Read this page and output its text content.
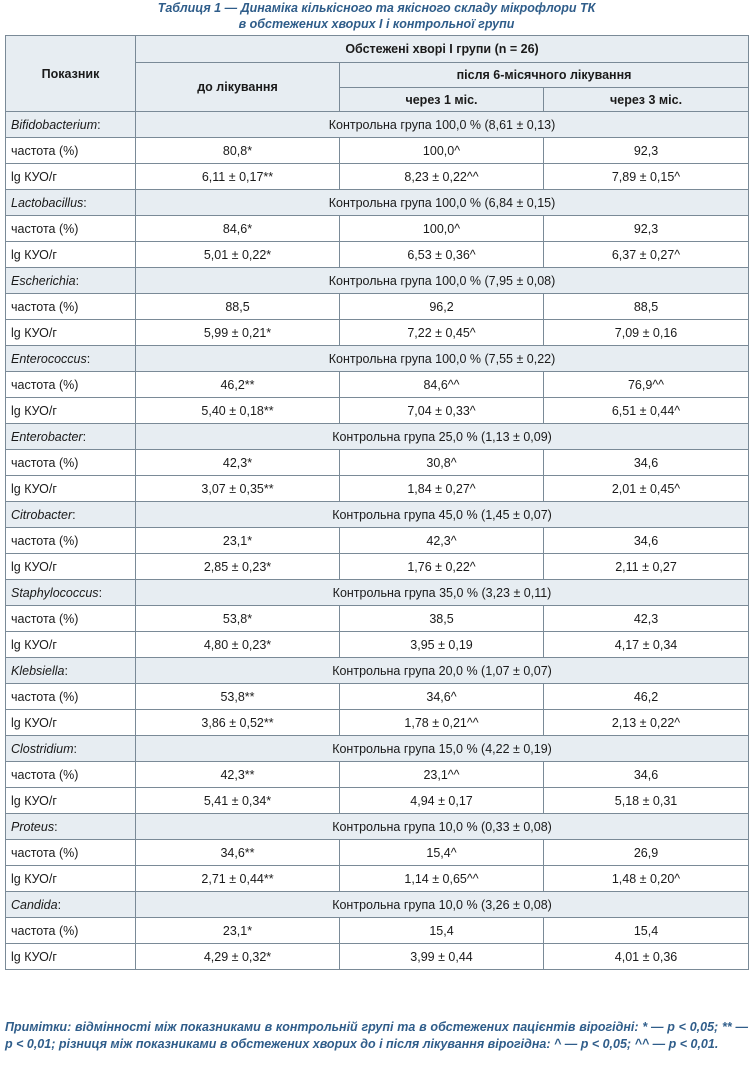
Таблиця 1 — Динаміка кількісного та якісного складу мікрофлори ТК
в обстежених хворих І і контрольної групи
Показник	Обстежені хворі І групи (n = 26)		
	до лікування	після 6-місячного лікування	
		через 1 міс.	через 3 міс.
Bifidobacterium:	Контрольна група 100,0 % (8,61 ± 0,13)		
частота (%)	80,8*	100,0^	92,3
lg КУО/г	6,11 ± 0,17**	8,23 ± 0,22^^	7,89 ± 0,15^
Lactobacillus:	Контрольна група 100,0 % (6,84 ± 0,15)		
частота (%)	84,6*	100,0^	92,3
lg КУО/г	5,01 ± 0,22*	6,53 ± 0,36^	6,37 ± 0,27^
Escherichia:	Контрольна група 100,0 % (7,95 ± 0,08)		
частота (%)	88,5	96,2	88,5
lg КУО/г	5,99 ± 0,21*	7,22 ± 0,45^	7,09 ± 0,16
Enterococcus:	Контрольна група 100,0 % (7,55 ± 0,22)		
частота (%)	46,2**	84,6^^	76,9^^
lg КУО/г	5,40 ± 0,18**	7,04 ± 0,33^	6,51 ± 0,44^
Enterobacter:	Контрольна група 25,0 % (1,13 ± 0,09)		
частота (%)	42,3*	30,8^	34,6
lg КУО/г	3,07 ± 0,35**	1,84 ± 0,27^	2,01 ± 0,45^
Citrobacter:	Контрольна група 45,0 % (1,45 ± 0,07)		
частота (%)	23,1*	42,3^	34,6
lg КУО/г	2,85 ± 0,23*	1,76 ± 0,22^	2,11 ± 0,27
Staphylococcus:	Контрольна група 35,0 % (3,23 ± 0,11)		
частота (%)	53,8*	38,5	42,3
lg КУО/г	4,80 ± 0,23*	3,95 ± 0,19	4,17 ± 0,34
Klebsiella:	Контрольна група 20,0 % (1,07 ± 0,07)		
частота (%)	53,8**	34,6^	46,2
lg КУО/г	3,86 ± 0,52**	1,78 ± 0,21^^	2,13 ± 0,22^
Clostridium:	Контрольна група 15,0 % (4,22 ± 0,19)		
частота (%)	42,3**	23,1^^	34,6
lg КУО/г	5,41 ± 0,34*	4,94 ± 0,17	5,18 ± 0,31
Proteus:	Контрольна група 10,0 % (0,33 ± 0,08)		
частота (%)	34,6**	15,4^	26,9
lg КУО/г	2,71 ± 0,44**	1,14 ± 0,65^^	1,48 ± 0,20^
Candida:	Контрольна група 10,0 % (3,26 ± 0,08)		
частота (%)	23,1*	15,4	15,4
lg КУО/г	4,29 ± 0,32*	3,99 ± 0,44	4,01 ± 0,36
Примітки: відмінності між показниками в контрольній групі та в обстежених пацієнтів вірогідні: * — p < 0,05; ** — p < 0,01; різниця між показниками в обстежених хворих до і після лікування вірогідна: ^ — p < 0,05; ^^ — p < 0,01.
